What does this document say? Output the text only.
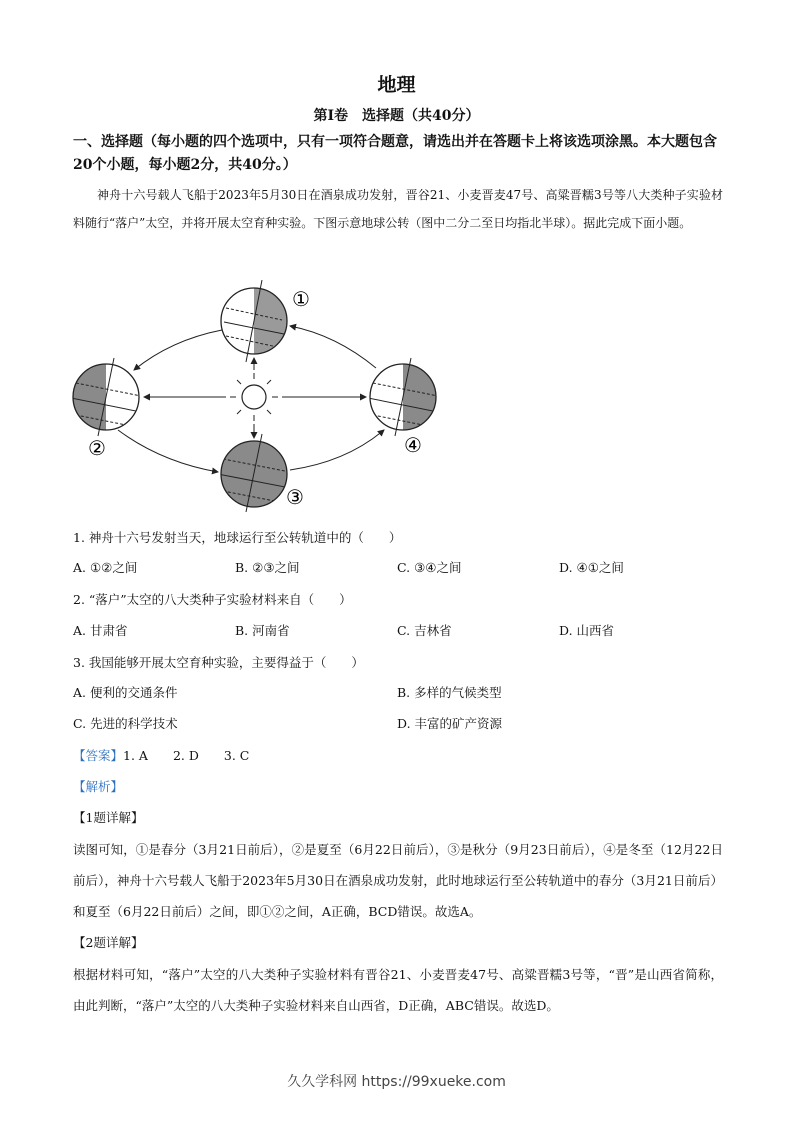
地理
第Ⅰ卷　选择题（共40分）
一、选择题（每小题的四个选项中，只有一项符合题意，请选出并在答题卡上将该选项涂黑。本大题包含20个小题，每小题2分，共40分。）
神舟十六号载人飞船于2023年5月30日在酒泉成功发射，晋谷21、小麦晋麦47号、高粱晋糯3号等八大类种子实验材料随行“落户”太空，并将开展太空育种实验。下图示意地球公转（图中二分二至日均指北半球）。据此完成下面小题。
①
②
③
④
1. 神舟十六号发射当天，地球运行至公转轨道中的（　　）
A. ①②之间	B. ②③之间	C. ③④之间	D. ④①之间
2. “落户”太空的八大类种子实验材料来自（　　）
A. 甘肃省	B. 河南省	C. 吉林省	D. 山西省
3. 我国能够开展太空育种实验，主要得益于（　　）
A. 便利的交通条件	B. 多样的气候类型
C. 先进的科学技术	D. 丰富的矿产资源
【答案】1. A　　2. D　　3. C
【解析】
【1题详解】
读图可知，①是春分（3月21日前后），②是夏至（6月22日前后），③是秋分（9月23日前后），④是冬至（12月22日前后），神舟十六号载人飞船于2023年5月30日在酒泉成功发射，此时地球运行至公转轨道中的春分（3月21日前后）和夏至（6月22日前后）之间，即①②之间，A正确，BCD错误。故选A。
【2题详解】
根据材料可知，“落户”太空的八大类种子实验材料有晋谷21、小麦晋麦47号、高粱晋糯3号等，“晋”是山西省简称，由此判断，“落户”太空的八大类种子实验材料来自山西省，D正确，ABC错误。故选D。
久久学科网 https://99xueke.com
